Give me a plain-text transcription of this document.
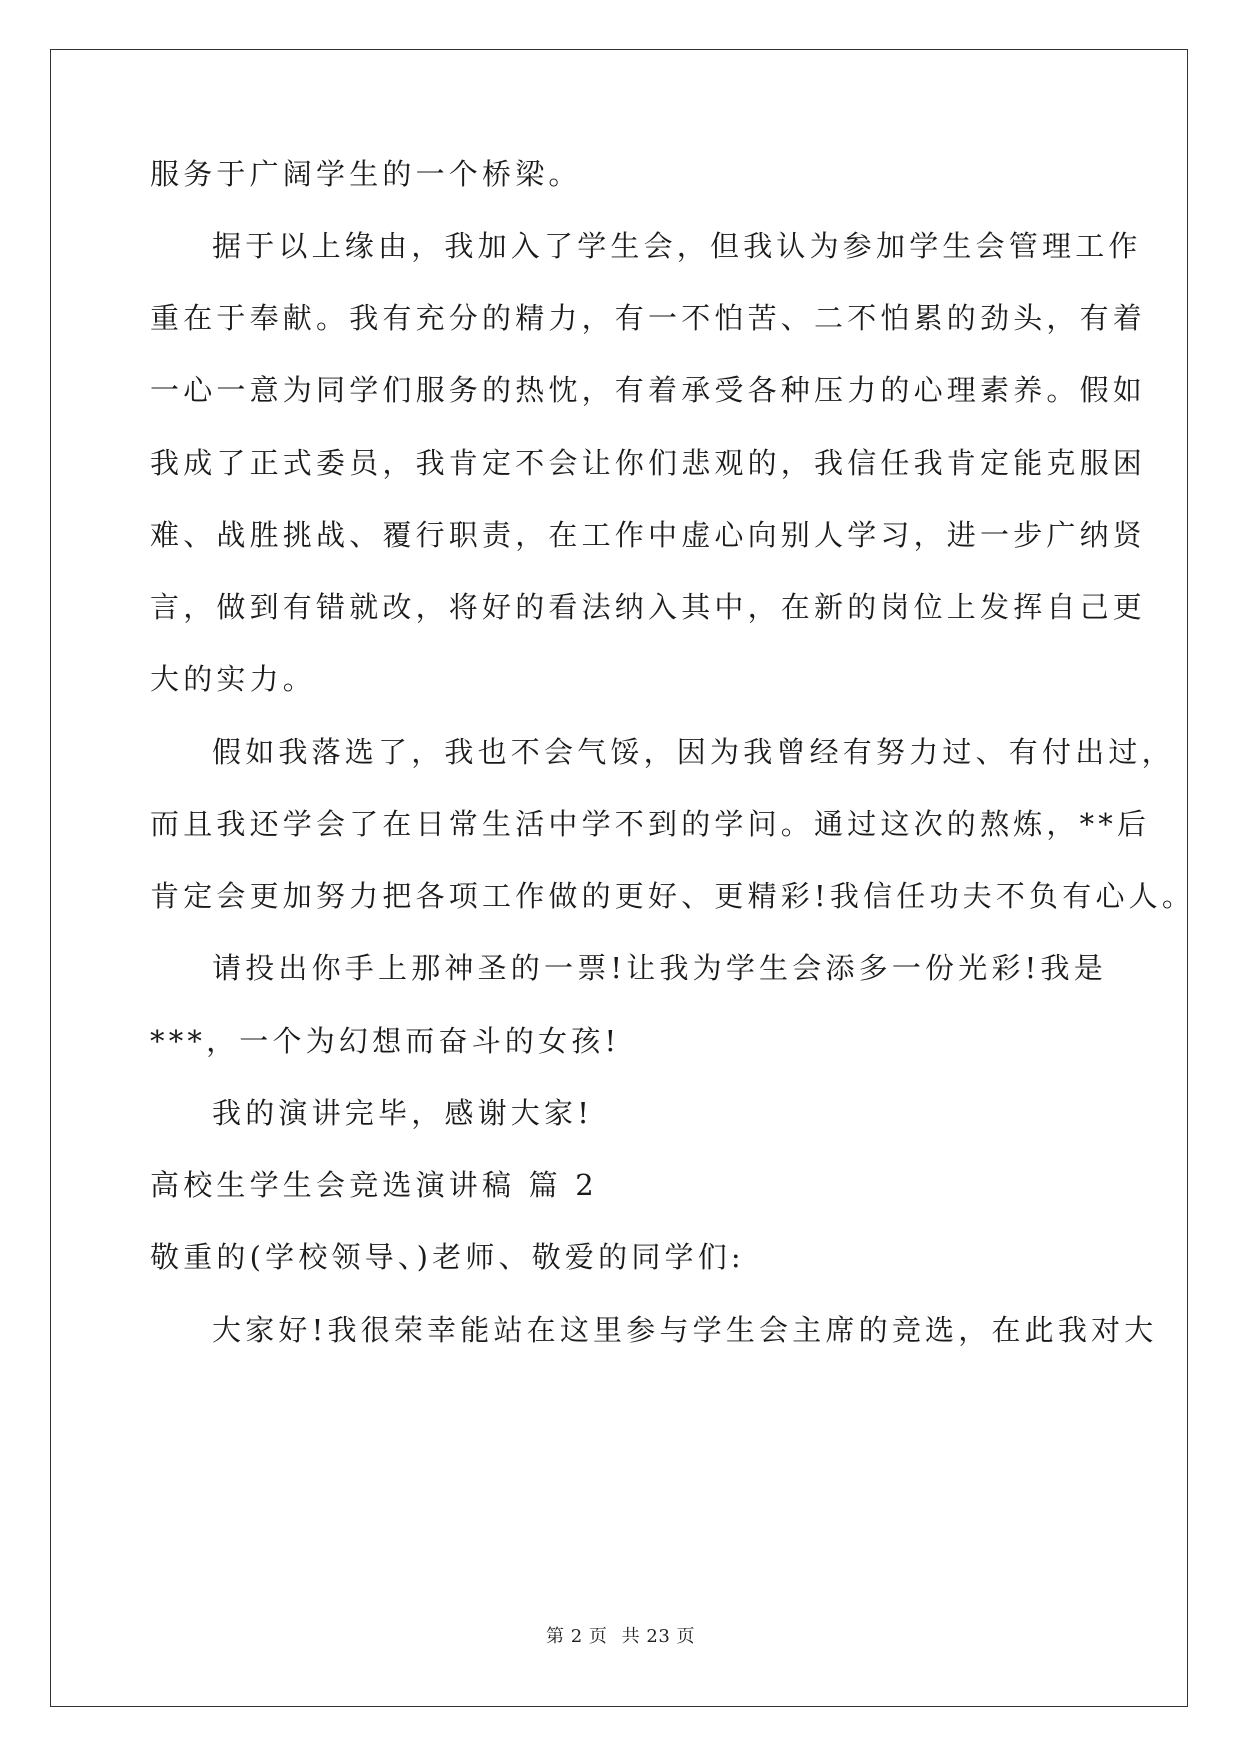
服务于广阔学生的一个桥梁。
据于以上缘由，我加入了学生会，但我认为参加学生会管理工作
重在于奉献。我有充分的精力，有一不怕苦、二不怕累的劲头，有着
一心一意为同学们服务的热忱，有着承受各种压力的心理素养。假如
我成了正式委员，我肯定不会让你们悲观的，我信任我肯定能克服困
难、战胜挑战、覆行职责，在工作中虚心向别人学习，进一步广纳贤
言，做到有错就改，将好的看法纳入其中，在新的岗位上发挥自己更
大的实力。
假如我落选了，我也不会气馁，因为我曾经有努力过、有付出过，
而且我还学会了在日常生活中学不到的学问。通过这次的熬炼，**后
肯定会更加努力把各项工作做的更好、更精彩!我信任功夫不负有心人。
请投出你手上那神圣的一票!让我为学生会添多一份光彩!我是
***，一个为幻想而奋斗的女孩!
我的演讲完毕，感谢大家!
高校生学生会竞选演讲稿 篇 2
敬重的(学校领导、)老师、敬爱的同学们:
大家好!我很荣幸能站在这里参与学生会主席的竞选，在此我对大
第 2 页 共 23 页
